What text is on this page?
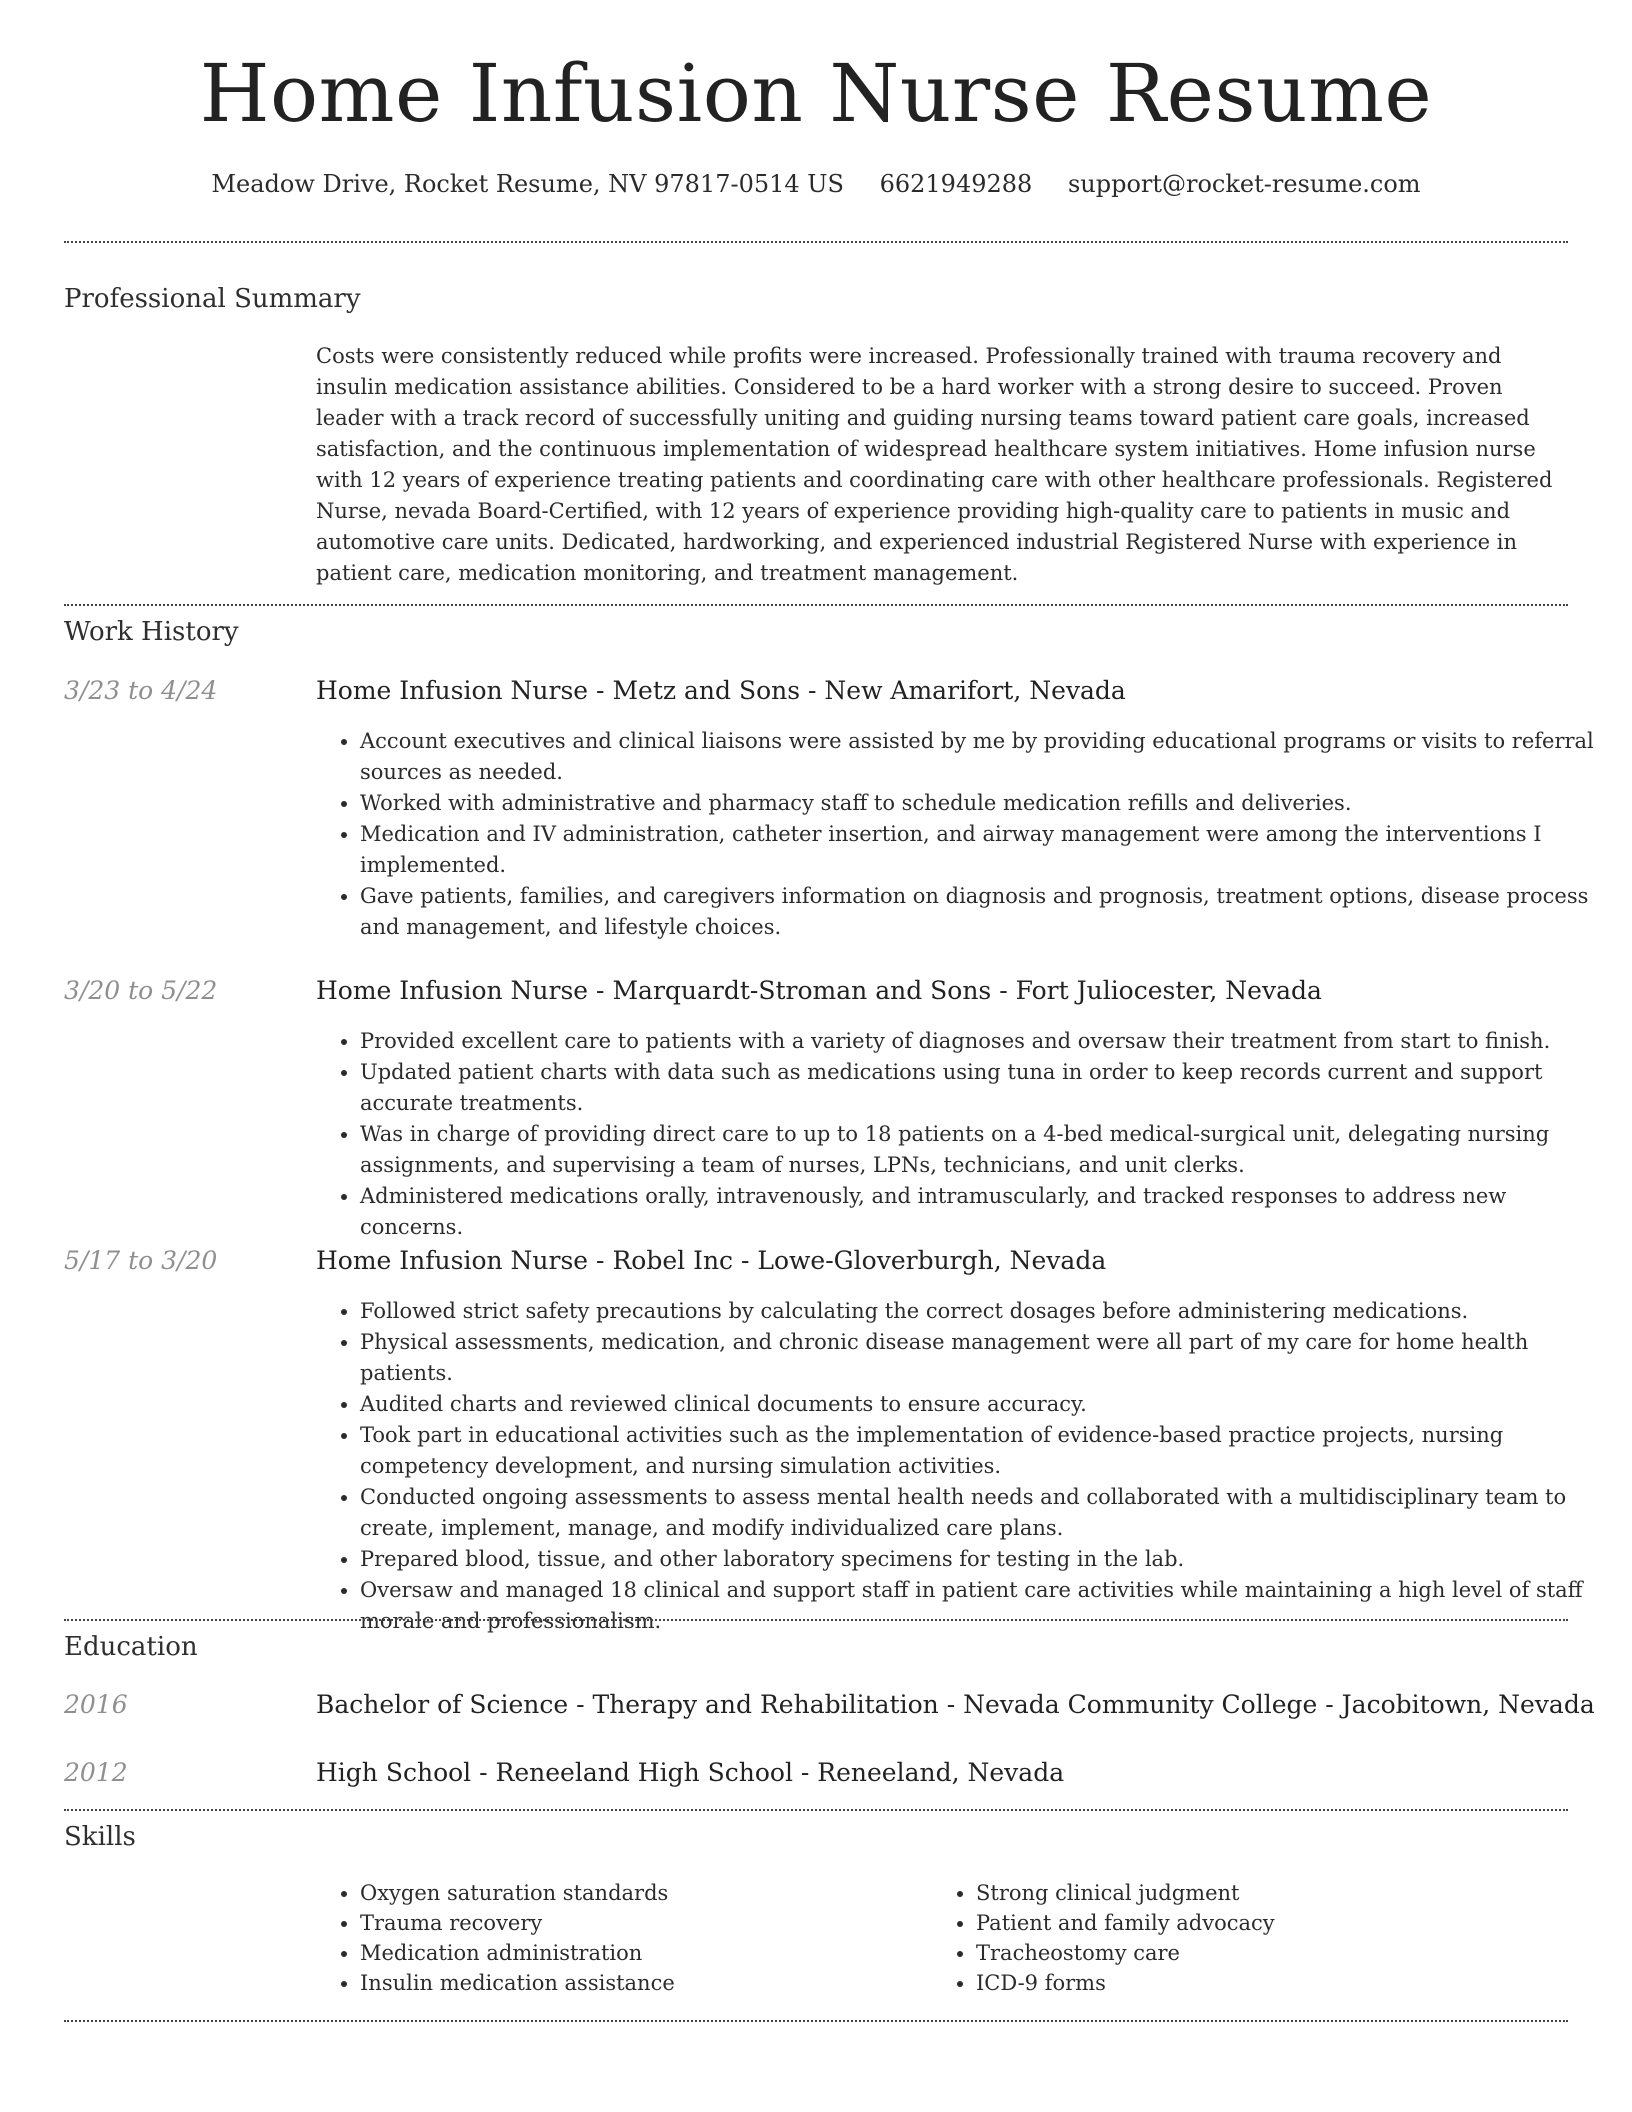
Home Infusion Nurse Resume
Meadow Drive, Rocket Resume, NV 97817-0514 US 6621949288 support@rocket-resume.com
Professional Summary

Costs were consistently reduced while profits were increased. Professionally trained with trauma recovery and insulin medication assistance abilities. Considered to be a hard worker with a strong desire to succeed. Proven leader with a track record of successfully uniting and guiding nursing teams toward patient care goals, increased satisfaction, and the continuous implementation of widespread healthcare system initiatives. Home infusion nurse with 12 years of experience treating patients and coordinating care with other healthcare professionals. Registered Nurse, nevada Board-Certified, with 12 years of experience providing high-quality care to patients in music and automotive care units. Dedicated, hardworking, and experienced industrial Registered Nurse with experience in patient care, medication monitoring, and treatment management.

Work History
3/23 to 4/24	Home Infusion Nurse - Metz and Sons - New Amarifort, Nevada
• Account executives and clinical liaisons were assisted by me by providing educational programs or visits to referral sources as needed.
• Worked with administrative and pharmacy staff to schedule medication refills and deliveries.
• Medication and IV administration, catheter insertion, and airway management were among the interventions I implemented.
• Gave patients, families, and caregivers information on diagnosis and prognosis, treatment options, disease process and management, and lifestyle choices.
3/20 to 5/22	Home Infusion Nurse - Marquardt-Stroman and Sons - Fort Juliocester, Nevada
• Provided excellent care to patients with a variety of diagnoses and oversaw their treatment from start to finish.
• Updated patient charts with data such as medications using tuna in order to keep records current and support accurate treatments.
• Was in charge of providing direct care to up to 18 patients on a 4-bed medical-surgical unit, delegating nursing assignments, and supervising a team of nurses, LPNs, technicians, and unit clerks.
• Administered medications orally, intravenously, and intramuscularly, and tracked responses to address new concerns.
5/17 to 3/20	Home Infusion Nurse - Robel Inc - Lowe-Gloverburgh, Nevada
• Followed strict safety precautions by calculating the correct dosages before administering medications.
• Physical assessments, medication, and chronic disease management were all part of my care for home health patients.
• Audited charts and reviewed clinical documents to ensure accuracy.
• Took part in educational activities such as the implementation of evidence-based practice projects, nursing competency development, and nursing simulation activities.
• Conducted ongoing assessments to assess mental health needs and collaborated with a multidisciplinary team to create, implement, manage, and modify individualized care plans.
• Prepared blood, tissue, and other laboratory specimens for testing in the lab.
• Oversaw and managed 18 clinical and support staff in patient care activities while maintaining a high level of staff morale and professionalism.
Education
2016	Bachelor of Science - Therapy and Rehabilitation - Nevada Community College - Jacobitown, Nevada
2012	High School - Reneeland High School - Reneeland, Nevada
Skills
• Oxygen saturation standards
• Trauma recovery
• Medication administration
• Insulin medication assistance
• Strong clinical judgment
• Patient and family advocacy
• Tracheostomy care
• ICD-9 forms
